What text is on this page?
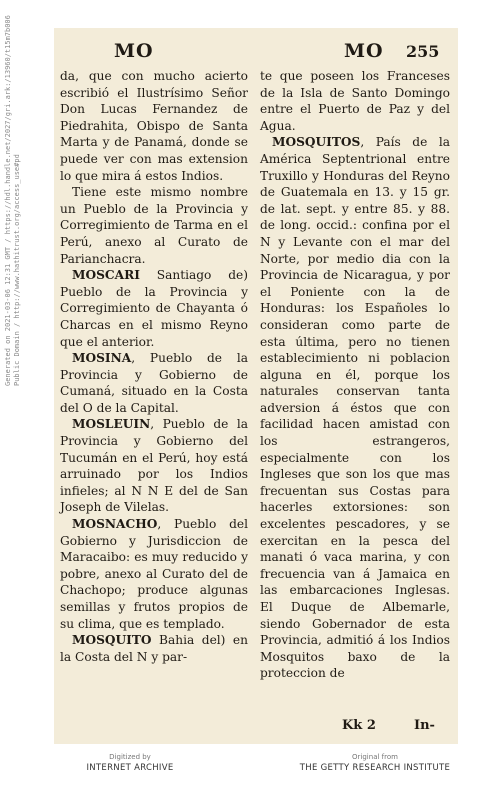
Generated on 2021-03-06 12:31 GMT / https://hdl.handle.net/2027/gri.ark:/13960/t15m7b006 Public Domain / http://www.hathitrust.org/access_use#pd
MO	MO 255

da, que con mucho acierto escribió el Ilustrísimo Señor Don Lucas Fernandez de Piedrahita, Obispo de Santa Marta y de Panamá, donde se puede ver con mas extension lo que mira á estos Indios.

Tiene este mismo nombre un Pueblo de la Provincia y Corregimiento de Tarma en el Perú, anexo al Curato de Parianchacra.

MOSCARI Santiago de) Pueblo de la Provincia y Corregimiento de Chayanta ó Charcas en el mismo Reyno que el anterior.

MOSINA, Pueblo de la Provincia y Gobierno de Cumaná, situado en la Costa del O de la Capital.

MOSLEUIN, Pueblo de la Provincia y Gobierno del Tucumán en el Perú, hoy está arruinado por los Indios infieles; al N N E del de San Joseph de Vilelas.

MOSNACHO, Pueblo del Gobierno y Jurisdiccion de Maracaibo: es muy reducido y pobre, anexo al Curato del de Chachopo; produce algunas semillas y frutos propios de su clima, que es templado.

MOSQUITO Bahia del) en la Costa del N y par-

te que poseen los Franceses de la Isla de Santo Domingo entre el Puerto de Paz y del Agua.

MOSQUITOS, País de la América Septentrional entre Truxillo y Honduras del Reyno de Guatemala en 13. y 15 gr. de lat. sept. y entre 85. y 88. de long. occid.: confina por el N y Levante con el mar del Norte, por medio dia con la Provincia de Nicaragua, y por el Poniente con la de Honduras: los Españoles lo consideran como parte de esta última, pero no tienen establecimiento ni poblacion alguna en él, porque los naturales conservan tanta adversion á éstos que con facilidad hacen amistad con los estrangeros, especialmente con los Ingleses que son los que mas frecuentan sus Costas para hacerles extorsiones: son excelentes pescadores, y se exercitan en la pesca del manati ó vaca marina, y con frecuencia van á Jamaica en las embarcaciones Inglesas. El Duque de Albemarle, siendo Gobernador de esta Provincia, admitió á los Indios Mosquitos baxo de la proteccion de

Kk 2	In-
Digitized by
INTERNET ARCHIVE
Original from
THE GETTY RESEARCH INSTITUTE
